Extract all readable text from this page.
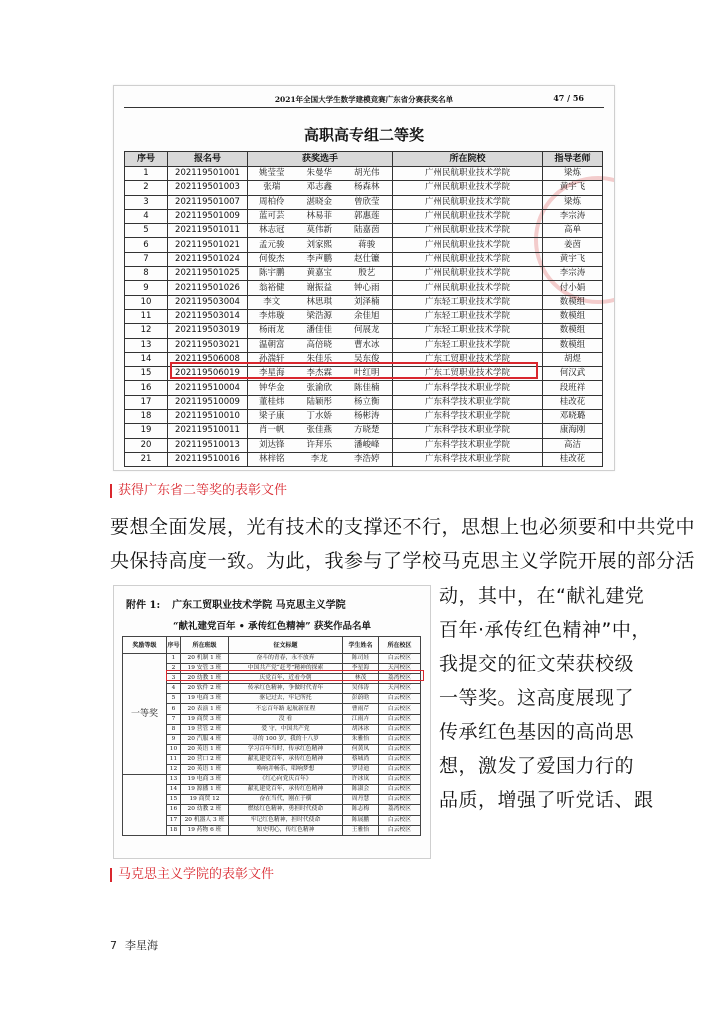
2021年全国大学生数学建模竞赛广东省分赛获奖名单	47 / 56
高职高专组二等奖
序号	报名号	获奖选手	所在院校	指导老师
1	202119501001	姚莹莹 朱曼华 胡光伟	广州民航职业技术学院	梁炼
2	202119501003	张瑞 邓志鑫 杨森林	广州民航职业技术学院	黄宇飞
3	202119501007	周柏伶 湛晓金 曾欣莹	广州民航职业技术学院	梁炼
4	202119501009	蓝可芸 林易菲 郭惠莲	广州民航职业技术学院	李宗涛
5	202119501011	林志冠 莫伟新 陆嘉茵	广州民航职业技术学院	高单
6	202119501021	孟元骏 刘家熙 蒋骏	广州民航职业技术学院	姜茵
7	202119501024	何俊杰 李声鹏 赵仕镰	广州民航职业技术学院	黄宇飞
8	202119501025	陈宇鹏 黄嘉宝 殷艺	广州民航职业技术学院	李宗涛
9	202119501026	翁裕健 谢振益 钟心雨	广州民航职业技术学院	付小娟
10	202119503004	李文 林思琪 刘泽楠	广东轻工职业技术学院	数模组
11	202119503014	李炜璇 梁浩源 余佳旭	广东轻工职业技术学院	数模组
12	202119503019	杨雨龙 潘佳佳 何展龙	广东轻工职业技术学院	数模组
13	202119503021	温朝富 高倍晓 曹水冰	广东轻工职业技术学院	数模组
14	202119506008	孙湍轩 朱佳乐 吴东俊	广东工贸职业技术学院	胡煜
15	202119506019	李星海 李杰霖 叶红明	广东工贸职业技术学院	何汉武
16	202119510004	钟华金 张渝欣 陈佳楠	广东科学技术职业学院	段班祥
17	202119510009	董桂炜 陆颖彤 杨立衡	广东科学技术职业学院	桂改花
18	202119510010	梁子康 丁水娇 杨彬涛	广东科学技术职业学院	邓晓璐
19	202119510011	肖一帆 张佳燕 方晓楚	广东科学技术职业学院	康海刚
20	202119510013	刘达锋 许拜乐 潘峻峰	广东科学技术职业学院	高洁
21	202119510016	林梓铭 李龙 李浩婷	广东科学技术职业学院	桂改花
获得广东省二等奖的表彰文件
要想全面发展，光有技术的支撑还不行，思想上也必须要和中共党中
央保持高度一致。为此，我参与了学校马克思主义学院开展的部分活
附件 1: 广东工贸职业技术学院 马克思主义学院
“献礼建党百年 • 承传红色精神” 获奖作品名单
奖励等级	序号	所在班级	征文标题	学生姓名	所在校区
一等奖	1	20 机制 1 班	奋斗的青春，永不放弃	陈司娃	白云校区
	2	19 安管 3 班	中国共产党“赶考”精神的探索	李星海	天河校区
	3	20 幼教 1 班	庆党百年，近看今朝	林茂	荔湾校区
	4	20 软件 2 班	传承红色精神，争做时代青年	吴伟涛	天河校区
	5	19 电商 3 班	驱记过去，牢记所托	彭蔚晗	白云校区
	6	20 表演 1 班	不忘百年路 起航新征程	曹雨芹	白云校区
	7	19 商贸 3 班	没 看	江雨卉	白云校区
	8	19 营管 2 班	爱 守，中国共产党	胡沐冰	白云校区
	9	20 汽服 4 班	寻的 100 岁，我的十八岁	朱雅怡	白云校区
	10	20 英语 1 班	学习百年当时，传承红色精神	何黄凤	白云校区
	11	20 营口 2 班	献礼建党百年，承传红色精神	蔡城尚	白云校区
	12	20 英语 1 班	唤响并畅乐，唱响梦想	罗诗迪	白云校区
	13	19 电商 3 班	《红心向党庆百年》	许冰岚	白云校区
	14	19 源播 1 班	献礼建党百年，承传红色精神	陈淑会	白云校区
	15	19 商贸 12	奋在当代，刚在于横	周丹慧	白云校区
	16	20 幼教 2 班	燃炫红色精神，勇担时代使命	陈志梅	荔湾校区
	17	20 机器人 3 班	牢记红色精神，担时代使命	陈展鹏	白云校区
	18	19 药物 6 班	知史明心，传红色精神	王雅怡	白云校区
动，其中，在“献礼建党
百年·承传红色精神”中，
我提交的征文荣获校级
一等奖。这高度展现了
传承红色基因的高尚思
想，激发了爱国力行的
品质，增强了听党话、跟
马克思主义学院的表彰文件
7 李星海
